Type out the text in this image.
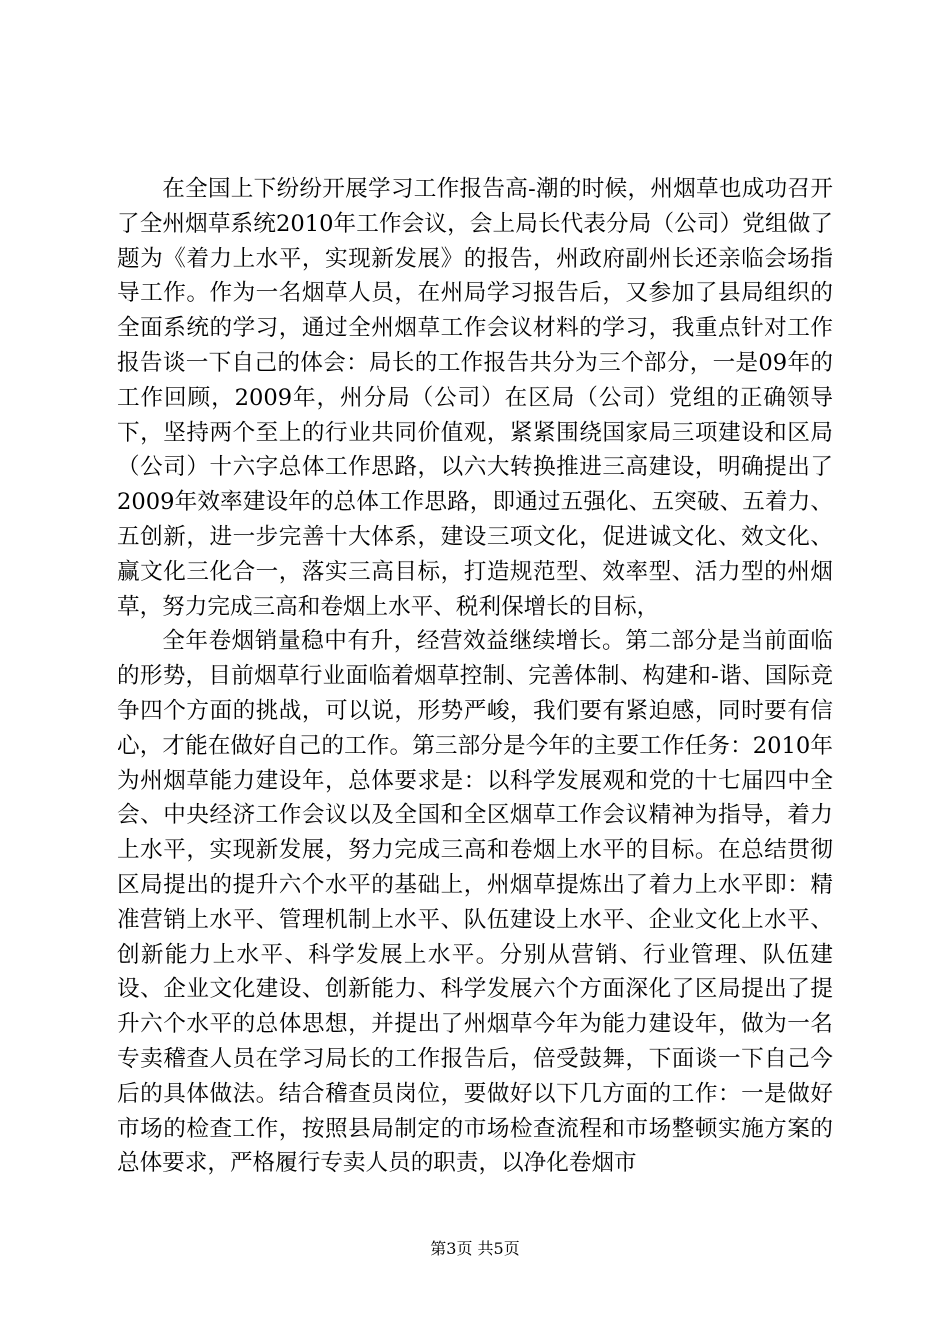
在全国上下纷纷开展学习工作报告高-潮的时候，州烟草也成功召开了全州烟草系统2010年工作会议，会上局长代表分局（公司）党组做了题为《着力上水平，实现新发展》的报告，州政府副州长还亲临会场指导工作。作为一名烟草人员，在州局学习报告后，又参加了县局组织的全面系统的学习，通过全州烟草工作会议材料的学习，我重点针对工作报告谈一下自己的体会：局长的工作报告共分为三个部分，一是09年的工作回顾，2009年，州分局（公司）在区局（公司）党组的正确领导下，坚持两个至上的行业共同价值观，紧紧围绕国家局三项建设和区局（公司）十六字总体工作思路，以六大转换推进三高建设，明确提出了2009年效率建设年的总体工作思路，即通过五强化、五突破、五着力、五创新，进一步完善十大体系，建设三项文化，促进诚文化、效文化、赢文化三化合一，落实三高目标，打造规范型、效率型、活力型的州烟草，努力完成三高和卷烟上水平、税利保增长的目标，

全年卷烟销量稳中有升，经营效益继续增长。第二部分是当前面临的形势，目前烟草行业面临着烟草控制、完善体制、构建和-谐、国际竞争四个方面的挑战，可以说，形势严峻，我们要有紧迫感，同时要有信心，才能在做好自己的工作。第三部分是今年的主要工作任务：2010年为州烟草能力建设年，总体要求是：以科学发展观和党的十七届四中全会、中央经济工作会议以及全国和全区烟草工作会议精神为指导，着力上水平，实现新发展，努力完成三高和卷烟上水平的目标。在总结贯彻区局提出的提升六个水平的基础上，州烟草提炼出了着力上水平即：精准营销上水平、管理机制上水平、队伍建设上水平、企业文化上水平、创新能力上水平、科学发展上水平。分别从营销、行业管理、队伍建设、企业文化建设、创新能力、科学发展六个方面深化了区局提出了提升六个水平的总体思想，并提出了州烟草今年为能力建设年，做为一名专卖稽查人员在学习局长的工作报告后，倍受鼓舞，下面谈一下自己今后的具体做法。结合稽查员岗位，要做好以下几方面的工作：一是做好市场的检查工作，按照县局制定的市场检查流程和市场整顿实施方案的总体要求，严格履行专卖人员的职责，以净化卷烟市

第3页 共5页
